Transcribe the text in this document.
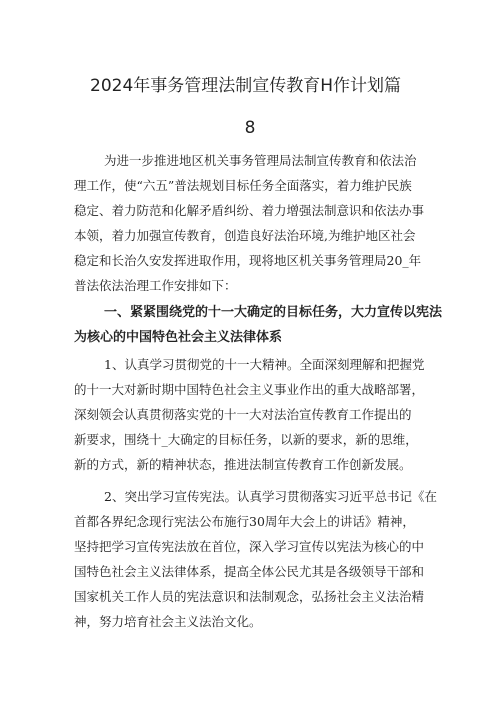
2024年事务管理法制宣传教育H作计划篇
8
为进一步推进地区机关事务管理局法制宣传教育和依法治
理工作，使“六五”普法规划目标任务全面落实，着力维护民族
稳定、着力防范和化解矛盾纠纷、着力增强法制意识和依法办事
本领，着力加强宣传教育，创造良好法治环境,为维护地区社会
稳定和长治久安发挥进取作用，现将地区机关事务管理局20_年
普法依法治理工作安排如下：
一、紧紧围绕党的十一大确定的目标任务，大力宣传以宪法
为核心的中国特色社会主义法律体系
1、认真学习贯彻党的十一大精神。全面深刻理解和把握党
的十一大对新时期中国特色社会主义事业作出的重大战略部署，
深刻领会认真贯彻落实党的十一大对法治宣传教育工作提出的
新要求，围绕十_大确定的目标任务，以新的要求，新的思维，
新的方式，新的精神状态，推进法制宣传教育工作创新发展。
2、突出学习宣传宪法。认真学习贯彻落实习近平总书记《在
首都各界纪念现行宪法公布施行30周年大会上的讲话》精神，
坚持把学习宣传宪法放在首位，深入学习宣传以宪法为核心的中
国特色社会主义法律体系，提高全体公民尤其是各级领导干部和
国家机关工作人员的宪法意识和法制观念，弘扬社会主义法治精
神，努力培育社会主义法治文化。
